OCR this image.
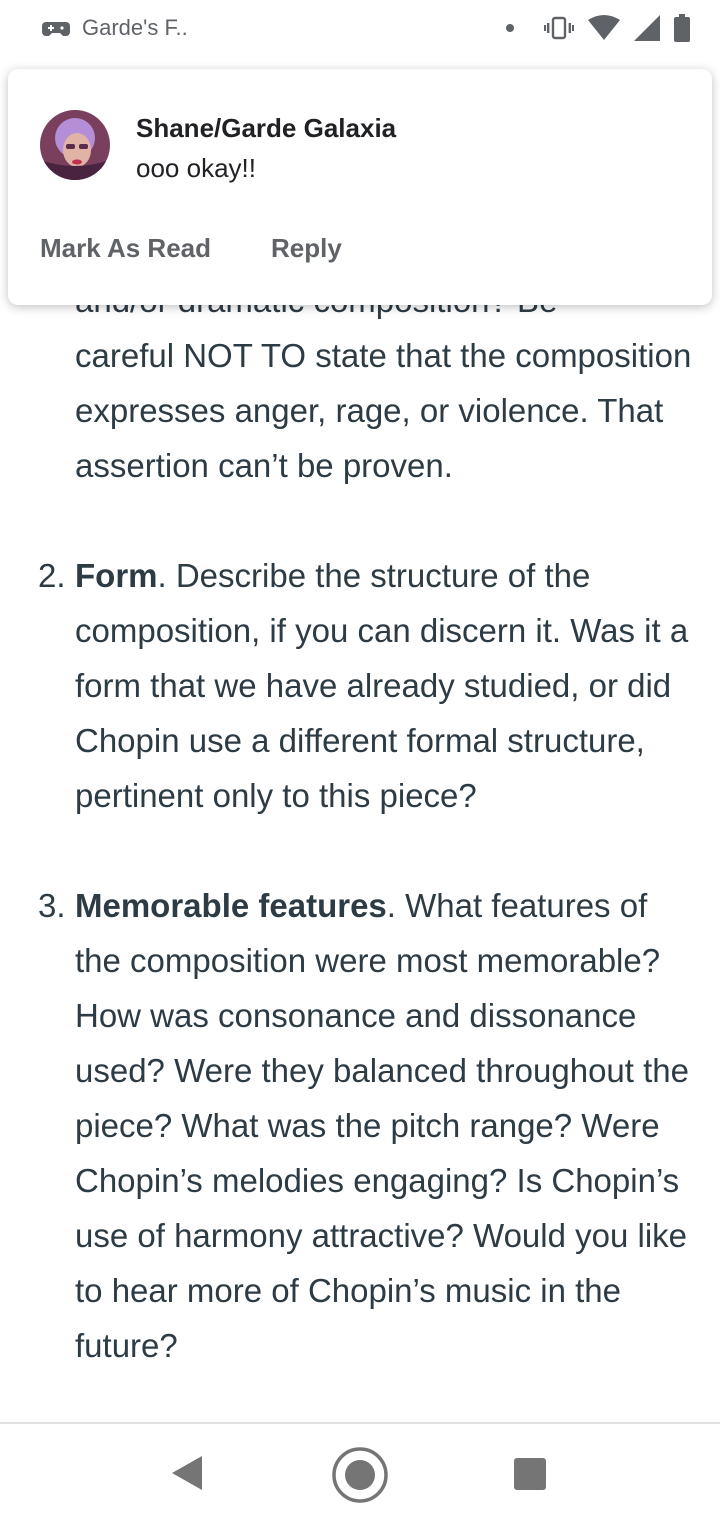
Garde's F..
careful NOT TO state that the composition expresses anger, rage, or violence. That assertion can’t be proven.
2. Form. Describe the structure of the composition, if you can discern it. Was it a form that we have already studied, or did Chopin use a different formal structure, pertinent only to this piece?
3. Memorable features. What features of the composition were most memorable? How was consonance and dissonance used? Were they balanced throughout the piece? What was the pitch range? Were Chopin’s melodies engaging? Is Chopin’s use of harmony attractive? Would you like to hear more of Chopin’s music in the future?
Shane/Garde Galaxia
ooo okay!!
Mark As Read Reply
